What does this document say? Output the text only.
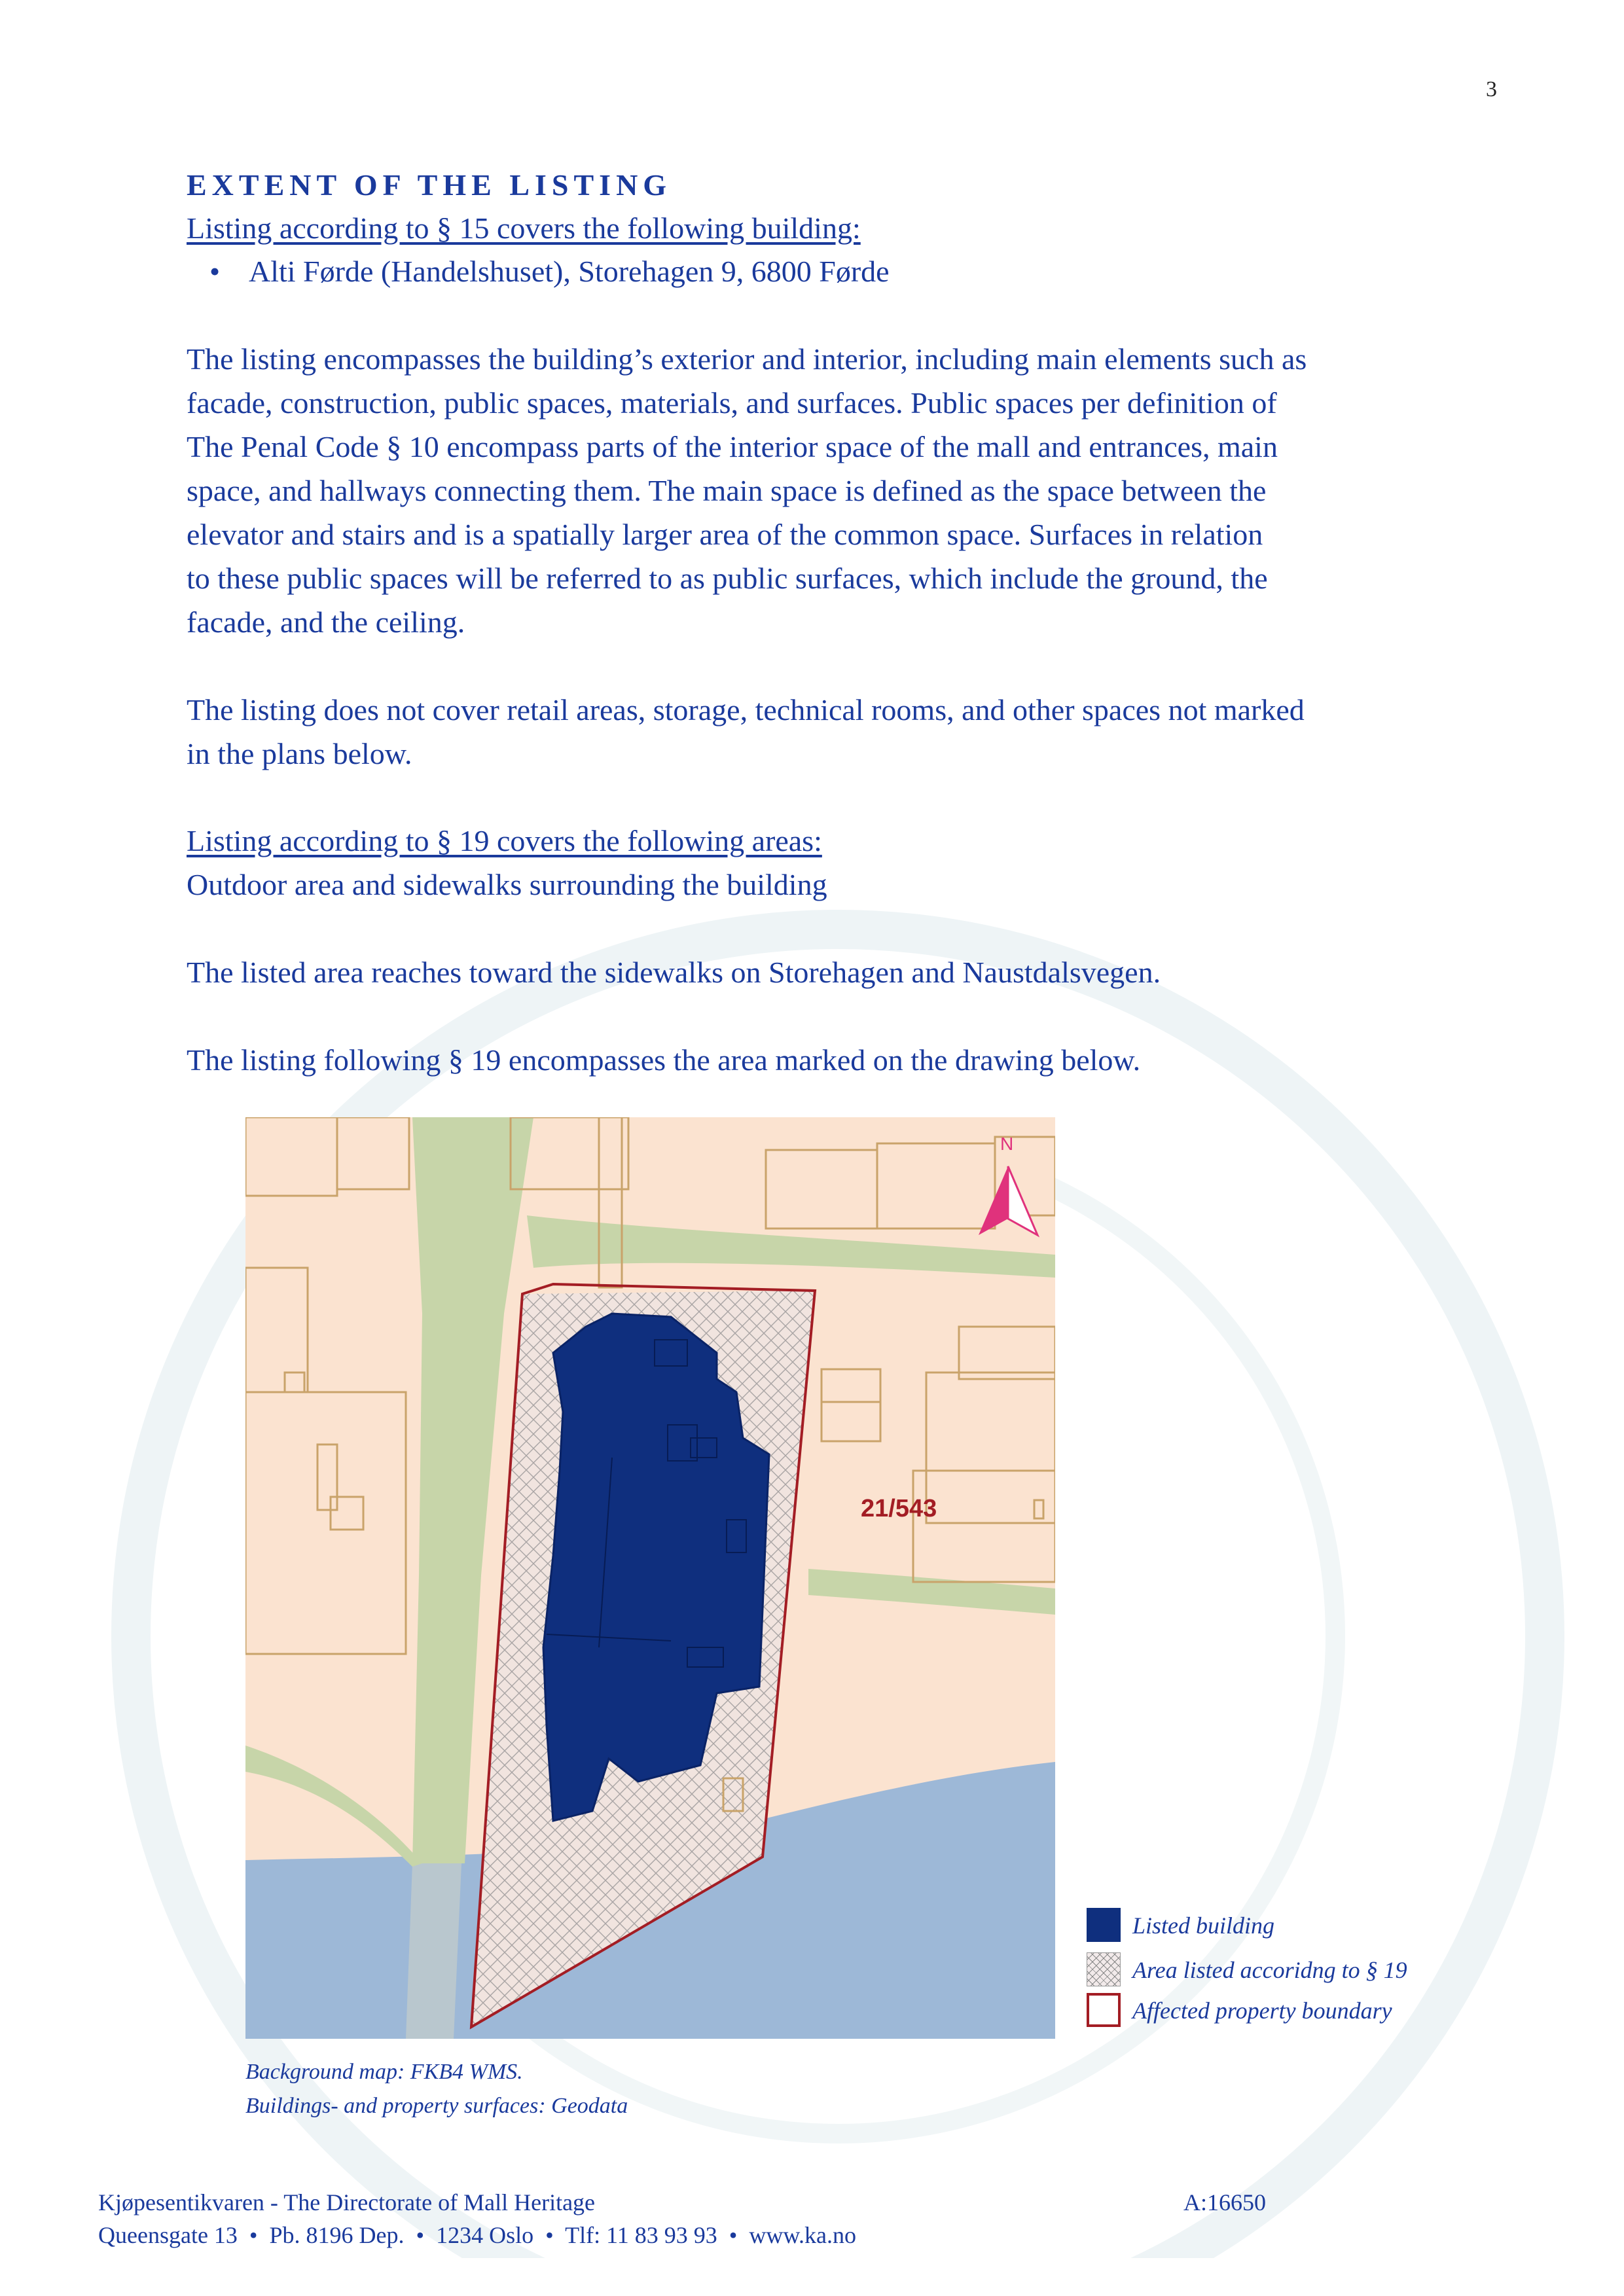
3
EXTENT OF THE LISTING

Listing according to § 15 covers the following building:

• Alti Førde (Handelshuset), Storehagen 9, 6800 Førde

The listing encompasses the building’s exterior and interior, including main elements such as

facade, construction, public spaces, materials, and surfaces. Public spaces per definition of

The Penal Code § 10 encompass parts of the interior space of the mall and entrances, main

space, and hallways connecting them. The main space is defined as the space between the

elevator and stairs and is a spatially larger area of the common space. Surfaces in relation

to these public spaces will be referred to as public surfaces, which include the ground, the

facade, and the ceiling.

The listing does not cover retail areas, storage, technical rooms, and other spaces not marked

in the plans below.

Listing according to § 19 covers the following areas:

Outdoor area and sidewalks surrounding the building

The listed area reaches toward the sidewalks on Storehagen and Naustdalsvegen.

The listing following § 19 encompasses the area marked on the drawing below.

21/543
N
Listed building
Area listed accoridng to § 19
Affected property boundary
Background map: FKB4 WMS.
Buildings- and property surfaces: Geodata
Kjøpesentikvaren - The Directorate of Mall Heritage
Queensgate 13  •  Pb. 8196 Dep.  •  1234 Oslo  •  Tlf: 11 83 93 93  •  www.ka.no
A:16650
